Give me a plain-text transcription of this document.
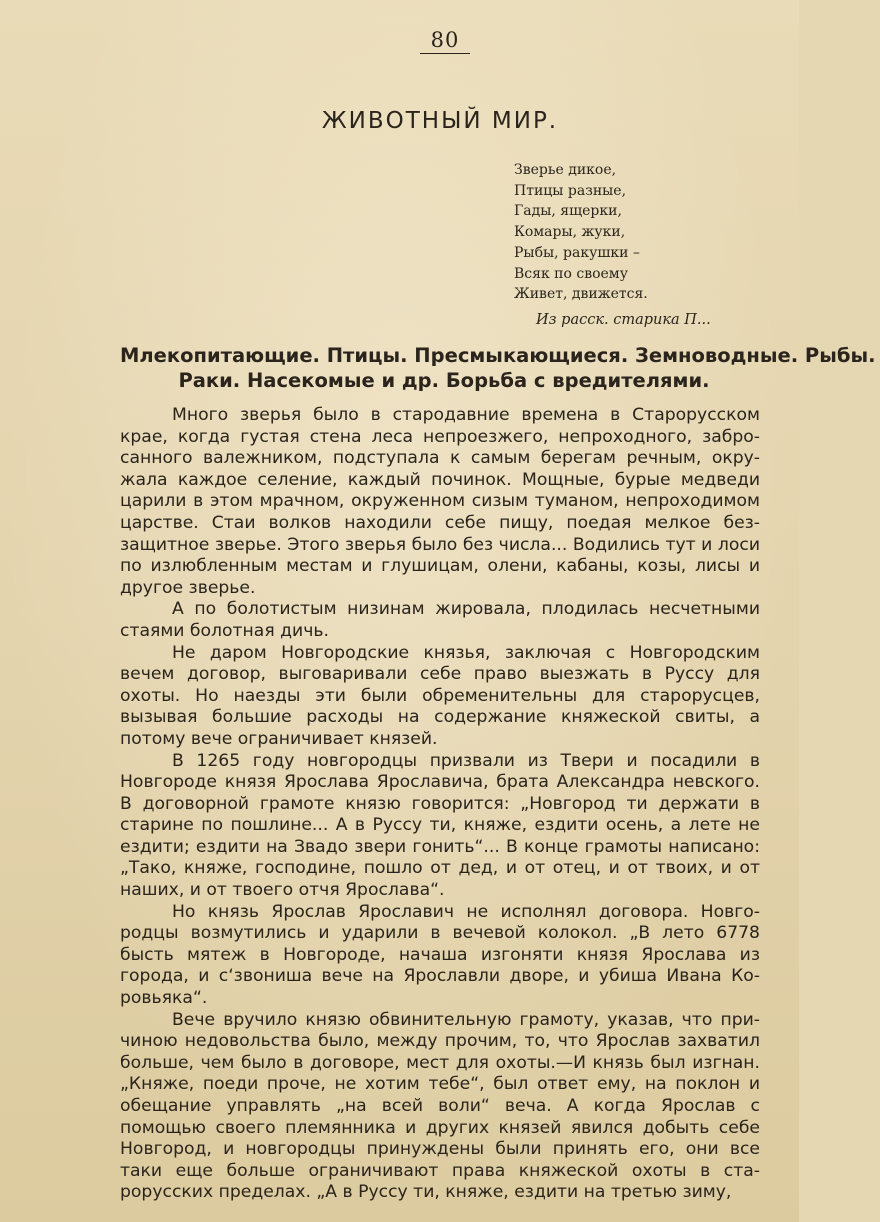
80
ЖИВОТНЫЙ МИР.
Зверье дикое,
Птицы разные,
Гады, ящерки,
Комары, жуки,
Рыбы, ракушки –
Всяк по своему
Живет, движется.
Из расск. старика П...
Млекопитающие. Птицы. Пресмыкающиеся. Земноводные. Рыбы.
Раки. Насекомые и др. Борьба с вредителями.

Много зверья было в стародавние времена в Старорусском крае, когда густая стена леса непроезжего, непроходного, забросанного валежником, подступала к самым берегам речным, окружала каждое селение, каждый починок. Мощные, бурые медведи царили в этом мрачном, окруженном сизым туманом, непроходимом царстве. Стаи волков находили себе пищу, поедая мелкое беззащитное зверье. Этого зверья было без числа... Водились тут и лоси по излюбленным местам и глушицам, олени, кабаны, козы, лисы и другое зверье.

А по болотистым низинам жировала, плодилась несчетными стаями болотная дичь.

Не даром Новгородские князья, заключая с Новгородским вечем договор, выговаривали себе право выезжать в Руссу для охоты. Но наезды эти были обременительны для старорусцев, вызывая большие расходы на содержание княжеской свиты, а потому вече ограничивает князей.

В 1265 году новгородцы призвали из Твери и посадили в Новгороде князя Ярослава Ярославича, брата Александра невского. В договорной грамоте князю говорится: „Новгород ти держати в старине по пошлине... А в Руссу ти, княже, ездити осень, а лете не ездити; ездити на Звадо звери гонить“... В конце грамоты написано: „Тако, княже, господине, пошло от дед, и от отец, и от твоих, и от наших, и от твоего отчя Ярослава“.

Но князь Ярослав Ярославич не исполнял договора. Новгородцы возмутились и ударили в вечевой колокол. „В лето 6778 бысть мятеж в Новгороде, начаша изгоняти князя Ярослава из города, и с‘звониша вече на Ярославли дворе, и убиша Ивана Коровьяка“.

Вече вручило князю обвинительную грамоту, указав, что причиною недовольства было, между прочим, то, что Ярослав захватил больше, чем было в договоре, мест для охоты.—И князь был изгнан. „Княже, поеди проче, не хотим тебе“, был ответ ему, на поклон и обещание управлять „на всей воли“ веча. А когда Ярослав с помощью своего племянника и других князей явился добыть себе Новгород, и новгородцы принуждены были принять его, они все таки еще больше ограничивают права княжеской охоты в старорусских пределах. „А в Руссу ти, княже, ездити на третью зиму,
